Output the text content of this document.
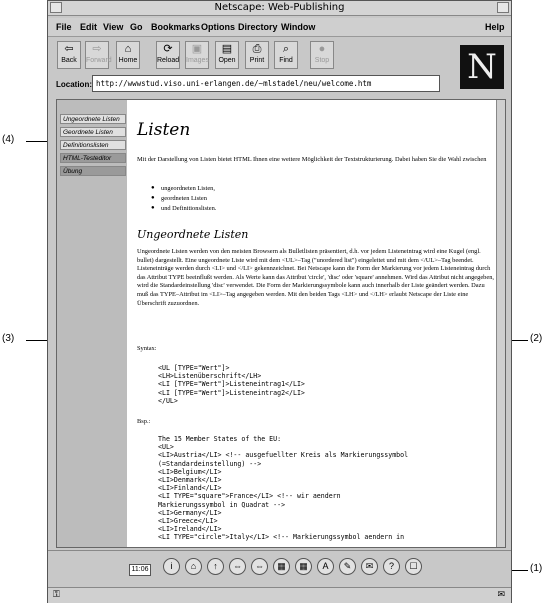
(4)
(3)	(2)
(1)
Netscape: Web-Publishing
File Edit View Go Bookmarks Options Directory Window	Help
⇦
Back
⇨
Forward
⌂
Home
⟳
Reload
▣
Images
▤
Open
⎙
Print
⌕
Find
●
Stop	N
Location: http://wwwstud.viso.uni-erlangen.de/~mlstadel/neu/welcome.htm
Ungeordnete Listen
Geordnete Listen
Definitionslisten
HTML-Testeditor
Übung
Listen
Mit der Darstellung von Listen bietet HTML Ihnen eine weitere Möglichkeit der Textstrukturierung. Dabei haben Sie die Wahl zwischen
● ungeordneten Listen,
● geordneten Listen
● und Definitionslisten.
Ungeordnete Listen
Ungeordnete Listen werden von den meisten Browsern als Bulletlisten präsentiert, d.h. vor jedem Listeneintrag wird eine Kugel (engl. bullet) dargestellt. Eine ungeordnete Liste wird mit dem <UL>–Tag ("unordered list") eingeleitet und mit dem </UL>–Tag beendet. Listeneinträge werden durch <LI> und </LI> gekennzeichnet. Bei Netscape kann die Form der Markierung vor jedem Listeneintrag durch das Attribut TYPE beeinflußt werden. Als Werte kann das Attribut 'circle', 'disc' oder 'square' annehmen. Wird das Attribut nicht angegeben, wird die Standardeinstellung 'disc' verwendet. Die Form der Markierungssymbole kann auch innerhalb der Liste geändert werden. Dazu muß das TYPE–Attribut im <LI>–Tag angegeben werden. Mit den beiden Tags <LH> und </LH> erlaubt Netscape der Liste eine Überschrift zuzuordnen.
Syntax:
<UL [TYPE="Wert"]>
<LH>Listenüberschrift</LH>
<LI [TYPE="Wert"]>Listeneintrag1</LI>
<LI [TYPE="Wert"]>Listeneintrag2</LI>
</UL>
Bsp.:
The 15 Member States of the EU:
<UL>
<LI>Austria</LI> <!-- ausgefuellter Kreis als Markierungssymbol
(=Standardeinstellung) -->
<LI>Belgium</LI>
<LI>Denmark</LI>
<LI>Finland</LI>
<LI TYPE="square">France</LI> <!-- wir aendern
Markierungssymbol in Quadrat -->
<LI>Germany</LI>
<LI>Greece</LI>
<LI>Ireland</LI>
<LI TYPE="circle">Italy</LI> <!-- Markierungssymbol aendern in
11:06	i	⌂	↑	⇔	⇔	▦	▦	A	✎	✉	?	☐
⚿	✉
